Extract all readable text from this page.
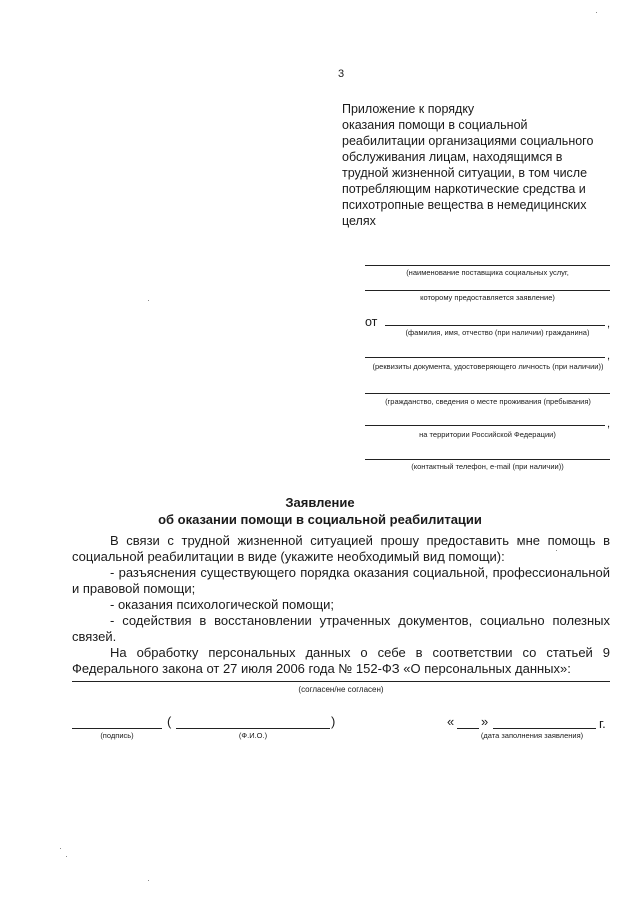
3
Приложение к порядку
оказания помощи в социальной
реабилитации организациями социального
обслуживания лицам, находящимся в
трудной жизненной ситуации, в том числе
потребляющим наркотические средства и
психотропные вещества в немедицинских
целях
(наименование поставщика социальных услуг,
которому предоставляется заявление)
от	,
(фамилия, имя, отчество (при наличии) гражданина)
,
(реквизиты документа, удостоверяющего личность (при наличии))
(гражданство, сведения о месте проживания (пребывания)
,
на территории Российской Федерации)
(контактный телефон, e-mail (при наличии))
Заявление
об оказании помощи в социальной реабилитации
В связи с трудной жизненной ситуацией прошу предоставить мне помощь в социальной реабилитации в виде (укажите необходимый вид помощи):
- разъяснения существующего порядка оказания социальной, профессиональной и правовой помощи;
- оказания психологической помощи;
- содействия в восстановлении утраченных документов, социально полезных связей.
На обработку персональных данных о себе в соответствии со статьей 9 Федерального закона от 27 июля 2006 года № 152-ФЗ «О персональных данных»:
(согласен/не согласен)
(	)
(подпись)	(Ф.И.О.)
« »	г.
(дата заполнения заявления)
